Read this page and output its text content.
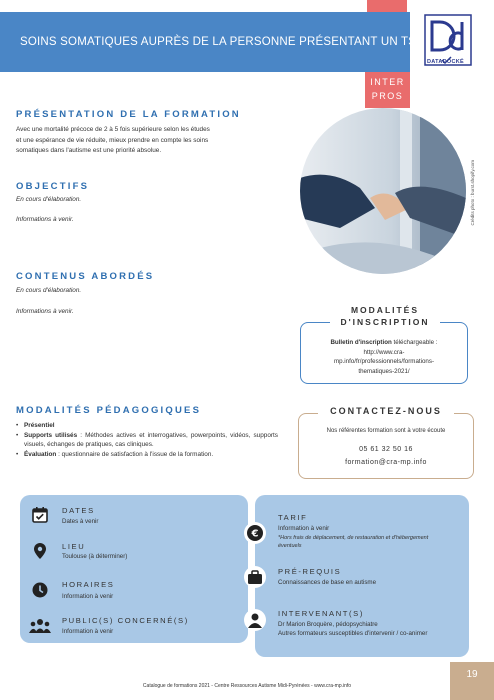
SOINS SOMATIQUES AUPRÈS DE LA PERSONNE PRÉSENTANT UN TSA
DATADOCKÉ
INTER
PROS
PRÉSENTATION DE LA FORMATION
Avec une mortalité précoce de 2 à 5 fois supérieure selon les études
et une espérance de vie réduite, mieux prendre en compte les soins
somatiques dans l'autisme est une priorité absolue.
OBJECTIFS
En cours d'élaboration.
Informations à venir.
CONTENUS ABORDÉS
En cours d'élaboration.
Informations à venir.
Crédits photo : burst.shopify.com
MODALITÉS
D'INSCRIPTION
Bulletin d'inscription téléchargeable :
http://www.cra-
mp.info/fr/professionnels/formations-
thematiques-2021/
MODALITÉS PÉDAGOGIQUES
• Présentiel
• Supports utilisés : Méthodes actives et interrogatives, powerpoints, vidéos, supports visuels, échanges de pratiques, cas cliniques.
• Évaluation : questionnaire de satisfaction à l'issue de la formation.
CONTACTEZ-NOUS
Nos référentes formation sont à votre écoute
05 61 32 50 16
formation@cra-mp.info
DATES
Dates à venir
LIEU
Toulouse (à déterminer)
HORAIRES
Information à venir
PUBLIC(S) CONCERNÉ(S)
Information à venir
€
TARIF
Information à venir
*Hors frais de déplacement, de restauration et d'hébergement
éventuels
PRÉ-REQUIS
Connaissances de base en autisme
INTERVENANT(S)
Dr Marion Broquère, pédopsychiatre
Autres formateurs susceptibles d'intervenir / co-animer
19
Catalogue de formations 2021 - Centre Ressources Autisme Midi-Pyrénées - www.cra-mp.info
